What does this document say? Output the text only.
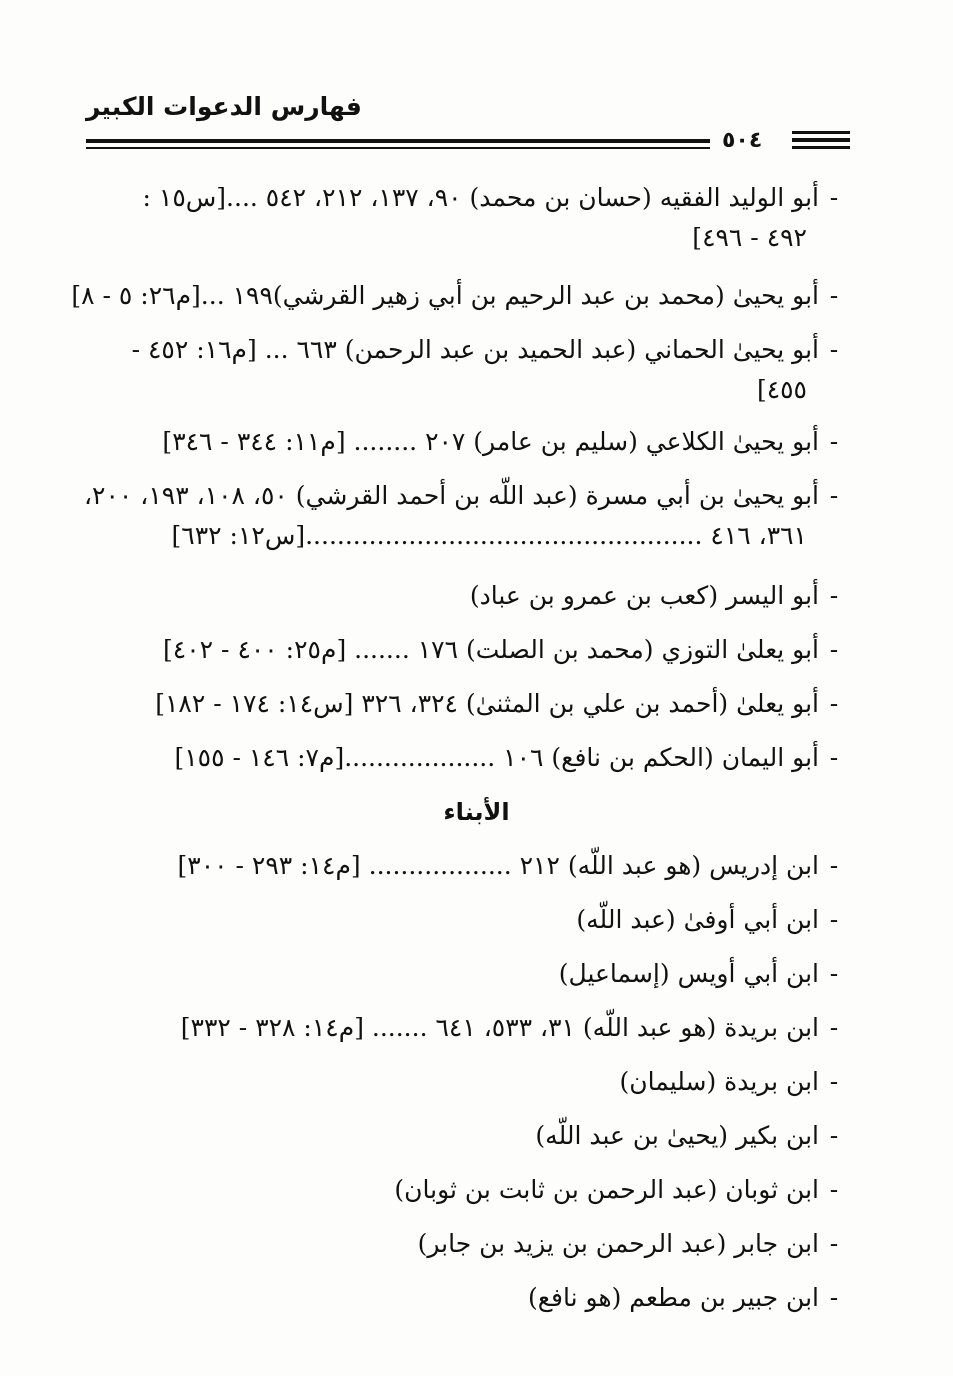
فهارس الدعوات الكبير
٥٠٤
-أبو الوليد الفقيه (حسان بن محمد) ٩٠، ١٣٧، ٢١٢، ٥٤٢ ....[س١٥ :
٤٩٢ - ٤٩٦]
-أبو يحيىٰ (محمد بن عبد الرحيم بن أبي زهير القرشي)١٩٩ ...[م٢٦: ٥ - ٨]
-أبو يحيىٰ الحماني (عبد الحميد بن عبد الرحمن) ٦٦٣ ... [م١٦: ٤٥٢ -
٤٥٥]
-أبو يحيىٰ الكلاعي (سليم بن عامر) ٢٠٧ ........ [م١١: ٣٤٤ - ٣٤٦]
-أبو يحيىٰ بن أبي مسرة (عبد اللّه بن أحمد القرشي) ٥٠، ١٠٨، ١٩٣، ٢٠٠،
٣٦١، ٤١٦ ..................................................[س١٢: ٦٣٢]
-أبو اليسر (كعب بن عمرو بن عباد)
-أبو يعلىٰ التوزي (محمد بن الصلت) ١٧٦ ....... [م٢٥: ٤٠٠ - ٤٠٢]
-أبو يعلىٰ (أحمد بن علي بن المثنىٰ) ٣٢٤، ٣٢٦ [س١٤: ١٧٤ - ١٨٢]
-أبو اليمان (الحكم بن نافع) ١٠٦ ...................[م٧: ١٤٦ - ١٥٥]
الأبناء
-ابن إدريس (هو عبد اللّه) ٢١٢ .................. [م١٤: ٢٩٣ - ٣٠٠]
-ابن أبي أوفىٰ (عبد اللّه)
-ابن أبي أويس (إسماعيل)
-ابن بريدة (هو عبد اللّه) ٣١، ٥٣٣، ٦٤١ ....... [م١٤: ٣٢٨ - ٣٣٢]
-ابن بريدة (سليمان)
-ابن بكير (يحيىٰ بن عبد اللّه)
-ابن ثوبان (عبد الرحمن بن ثابت بن ثوبان)
-ابن جابر (عبد الرحمن بن يزيد بن جابر)
-ابن جبير بن مطعم (هو نافع)
